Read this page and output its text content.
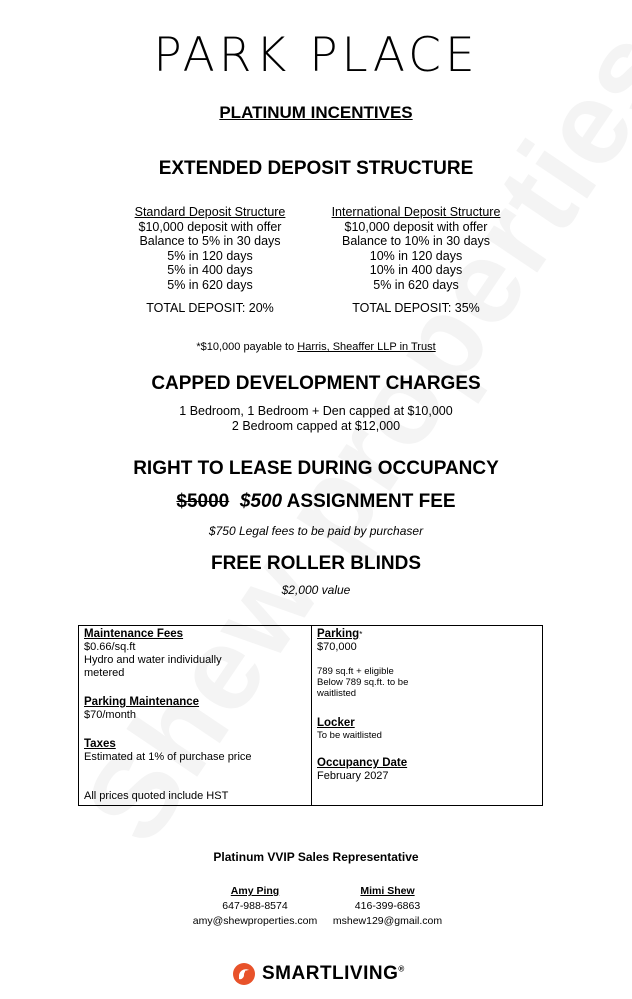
PARK PLACE
PLATINUM INCENTIVES
EXTENDED DEPOSIT STRUCTURE
Standard Deposit Structure
$10,000 deposit with offer
Balance to 5% in 30 days
5% in 120 days
5% in 400 days
5% in 620 days
TOTAL DEPOSIT: 20%
International Deposit Structure
$10,000 deposit with offer
Balance to 10% in 30 days
10% in 120 days
10% in 400 days
5% in 620 days
TOTAL DEPOSIT: 35%
*$10,000 payable to Harris, Sheaffer LLP in Trust
CAPPED DEVELOPMENT CHARGES
1 Bedroom, 1 Bedroom + Den capped at $10,000
2 Bedroom capped at $12,000
RIGHT TO LEASE DURING OCCUPANCY
$5000 $500 ASSIGNMENT FEE
$750 Legal fees to be paid by purchaser
FREE ROLLER BLINDS
$2,000 value
Maintenance Fees
$0.66/sq.ft
Hydro and water individually metered
Parking Maintenance
$70/month
Taxes
Estimated at 1% of purchase price
All prices quoted include HST
Parking*
$70,000
789 sq.ft + eligible
Below 789 sq.ft. to be waitlisted
Locker
To be waitlisted
Occupancy Date
February 2027
Platinum VVIP Sales Representative
Amy Ping
647-988-8574
amy@shewproperties.com
Mimi Shew
416-399-6863
mshew129@gmail.com
SMARTLIVING®
